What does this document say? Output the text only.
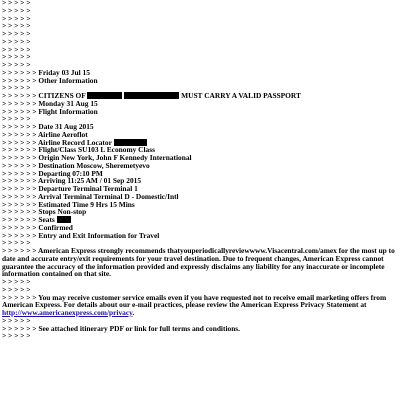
> > > > >
> > > > >
> > > > >
> > > > >
> > > > >
> > > > >
> > > > >
> > > > >
> > > > >
> > > > > > Friday 03 Jul 15
> > > > > > Other Information
> > > > >
> > > > > > CITIZENS OF	MUST CARRY A VALID PASSPORT
> > > > > > Monday 31 Aug 15
> > > > > > Flight Information
> > > > >
> > > > > > Date 31 Aug 2015
> > > > > > Airline Aeroflot
> > > > > > Airline Record Locator
> > > > > > Flight/Class SU103 L Economy Class
> > > > > > Origin New York, John F Kennedy International
> > > > > > Destination Moscow, Sheremetyevo
> > > > > > Departing 07:10 PM
> > > > > > Arriving 11:25 AM / 01 Sep 2015
> > > > > > Departure Terminal Terminal 1
> > > > > > Arrival Terminal Terminal D - Domestic/Intl
> > > > > > Estimated Time 9 Hrs 15 Mins
> > > > > > Stops Non-stop
> > > > > > Seats
> > > > > > Confirmed
> > > > > > Entry and Exit Information for Travel
> > > > >
> > > > > > American Express strongly recommends thatyouperiodicallyreviewwww.Visacentral.com/amex for the most up to date and accurate entry/exit requirements for your travel destination. Due to frequent changes, American Express cannot guarantee the accuracy of the information provided and expressly disclaims any liability for any inaccurate or incomplete information contained on that site.
> > > > >
> > > > >
> > > > > > You may receive customer service emails even if you have requested not to receive email marketing offers from American Express. For details about our e-mail practices, please review the American Express Privacy Statement at http://www.americanexpress.com/privacy.
> > > > >
> > > > > > See attached itinerary PDF or link for full terms and conditions.
> > > > >
